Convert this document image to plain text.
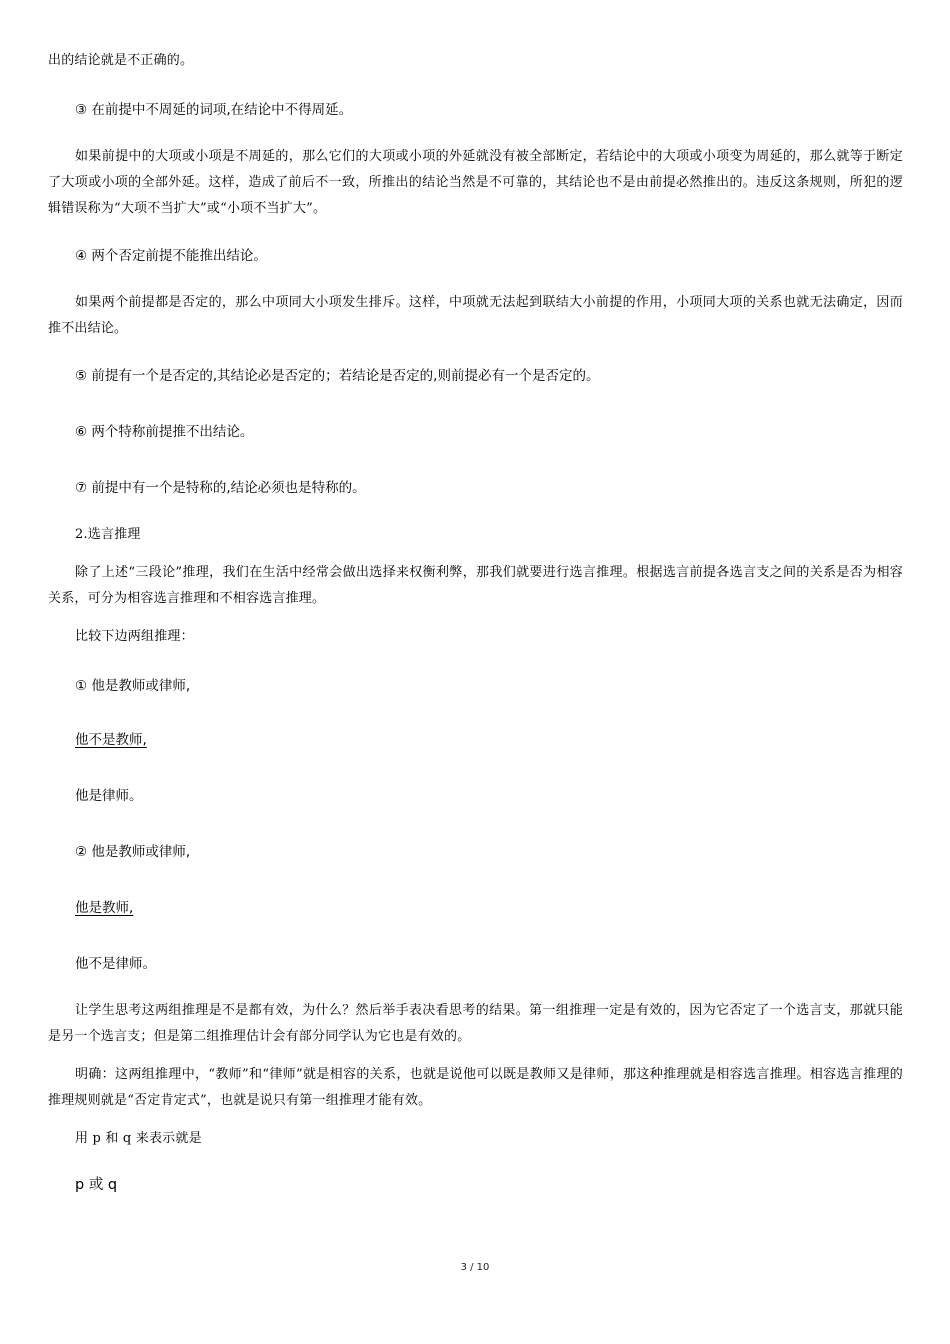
出的结论就是不正确的。

③ 在前提中不周延的词项,在结论中不得周延。

如果前提中的大项或小项是不周延的，那么它们的大项或小项的外延就没有被全部断定，若结论中的大项或小项变为周延的，那么就等于断定了大项或小项的全部外延。这样，造成了前后不一致，所推出的结论当然是不可靠的，其结论也不是由前提必然推出的。违反这条规则，所犯的逻辑错误称为“大项不当扩大”或“小项不当扩大”。

④ 两个否定前提不能推出结论。

如果两个前提都是否定的，那么中项同大小项发生排斥。这样，中项就无法起到联结大小前提的作用，小项同大项的关系也就无法确定，因而推不出结论。

⑤ 前提有一个是否定的,其结论必是否定的；若结论是否定的,则前提必有一个是否定的。

⑥ 两个特称前提推不出结论。

⑦ 前提中有一个是特称的,结论必须也是特称的。

2.选言推理

除了上述“三段论”推理，我们在生活中经常会做出选择来权衡利弊，那我们就要进行选言推理。根据选言前提各选言支之间的关系是否为相容关系，可分为相容选言推理和不相容选言推理。

比较下边两组推理：

① 他是教师或律师,

他不是教师,

他是律师。

② 他是教师或律师,

他是教师,

他不是律师。

让学生思考这两组推理是不是都有效，为什么？然后举手表决看思考的结果。第一组推理一定是有效的，因为它否定了一个选言支，那就只能是另一个选言支；但是第二组推理估计会有部分同学认为它也是有效的。

明确：这两组推理中，“教师”和“律师”就是相容的关系，也就是说他可以既是教师又是律师，那这种推理就是相容选言推理。相容选言推理的推理规则就是“否定肯定式”，也就是说只有第一组推理才能有效。

用 p 和 q 来表示就是

p 或 q

3 / 10
